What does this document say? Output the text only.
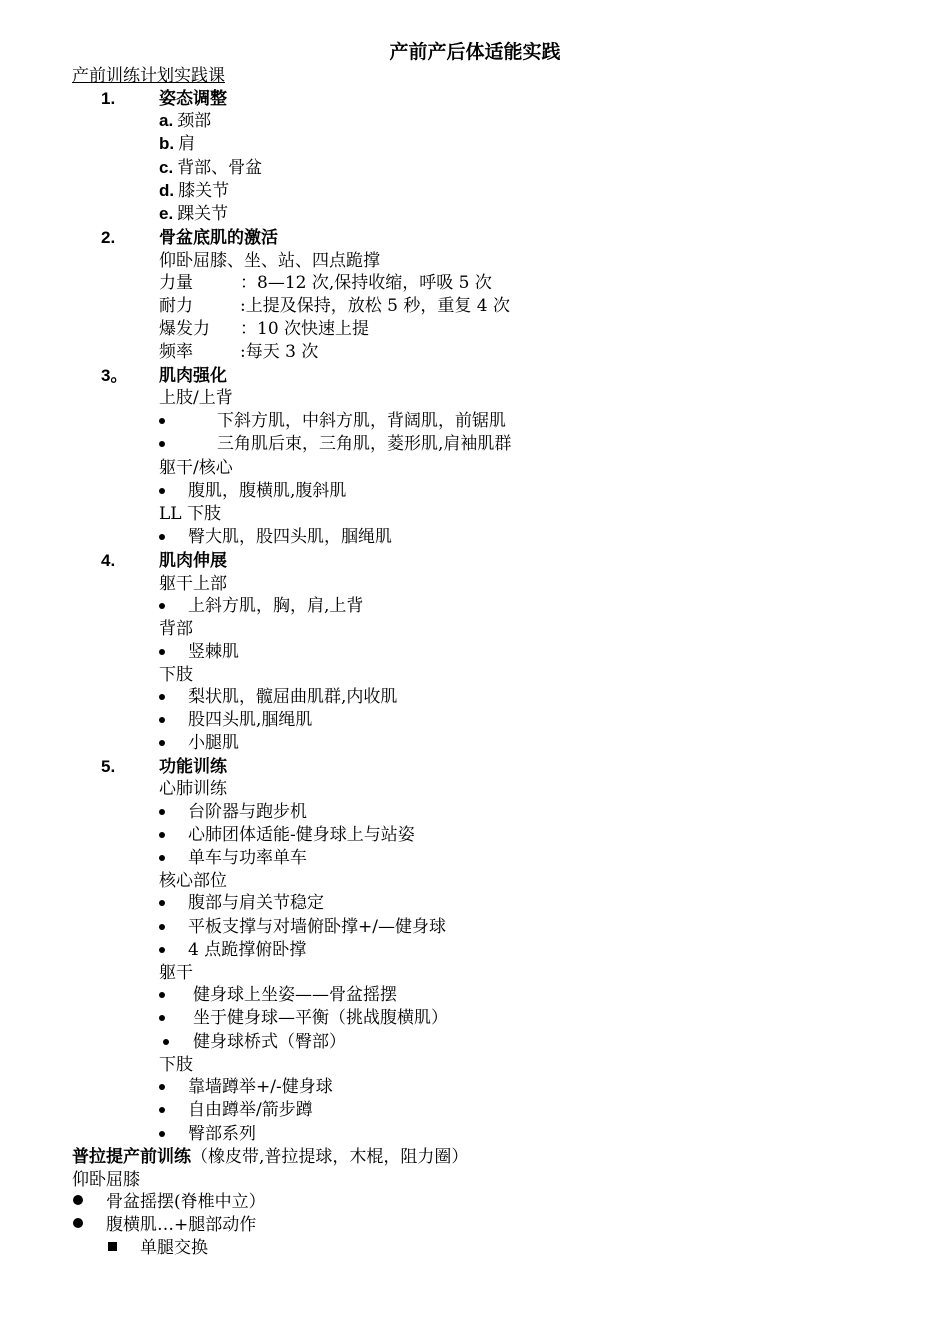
产前产后体适能实践
产前训练计划实践课
1.	姿态调整
a. 颈部
b. 肩
c. 背部、骨盆
d. 膝关节
e. 踝关节
2.	骨盆底肌的激活
仰卧屈膝、坐、站、四点跪撑
力量	：8—12 次,保持收缩，呼吸 5 次
耐力	:上提及保持，放松 5 秒，重复 4 次
爆发力 ：10 次快速上提
频率	:每天 3 次
3。 肌肉强化
上肢/上背
下斜方肌，中斜方肌，背阔肌，前锯肌
三角肌后束，三角肌，菱形肌,肩袖肌群
躯干/核心
腹肌，腹横肌,腹斜肌
LL 下肢
臀大肌，股四头肌，腘绳肌
4.	肌肉伸展
躯干上部
上斜方肌，胸，肩,上背
背部
竖棘肌
下肢
梨状肌，髋屈曲肌群,内收肌
股四头肌,腘绳肌
小腿肌
5.	功能训练
心肺训练
台阶器与跑步机
心肺团体适能-健身球上与站姿
单车与功率单车
核心部位
腹部与肩关节稳定
平板支撑与对墙俯卧撑+/—健身球
4 点跪撑俯卧撑
躯干
健身球上坐姿——骨盆摇摆
坐于健身球—平衡（挑战腹横肌）
健身球桥式（臀部）
下肢
靠墙蹲举+/-健身球
自由蹲举/箭步蹲
臀部系列
普拉提产前训练（橡皮带,普拉提球，木棍，阻力圈）
仰卧屈膝
骨盆摇摆(脊椎中立）
腹横肌…+腿部动作
单腿交换
